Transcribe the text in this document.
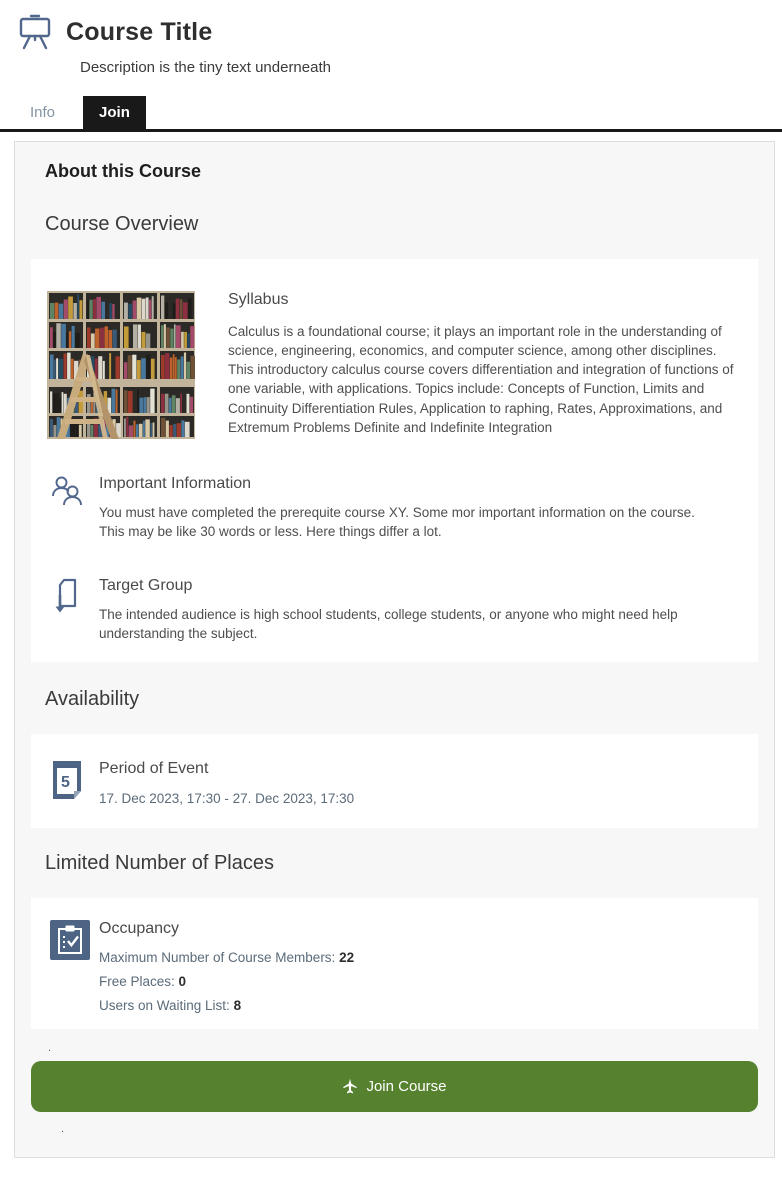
Course Title
Description is the tiny text underneath
Info	Join
About this Course
Course Overview
Syllabus
Calculus is a foundational course; it plays an important role in the understanding of science, engineering, economics, and computer science, among other disciplines. This introductory calculus course covers differentiation and integration of functions of one variable, with applications. Topics include: Concepts of Function, Limits and Continuity Differentiation Rules, Application to raphing, Rates, Approximations, and Extremum Problems Definite and Indefinite Integration
Important Information
You must have completed the prerequite course XY. Some mor important information on the course. This may be like 30 words or less. Here things differ a lot.
Target Group
The intended audience is high school students, college students, or anyone who might need help understanding the subject.
Availability
5
Period of Event
17. Dec 2023, 17:30 - 27. Dec 2023, 17:30
Limited Number of Places
Occupancy
Maximum Number of Course Members: 22
Free Places: 0
Users on Waiting List: 8
.
Join Course
.
